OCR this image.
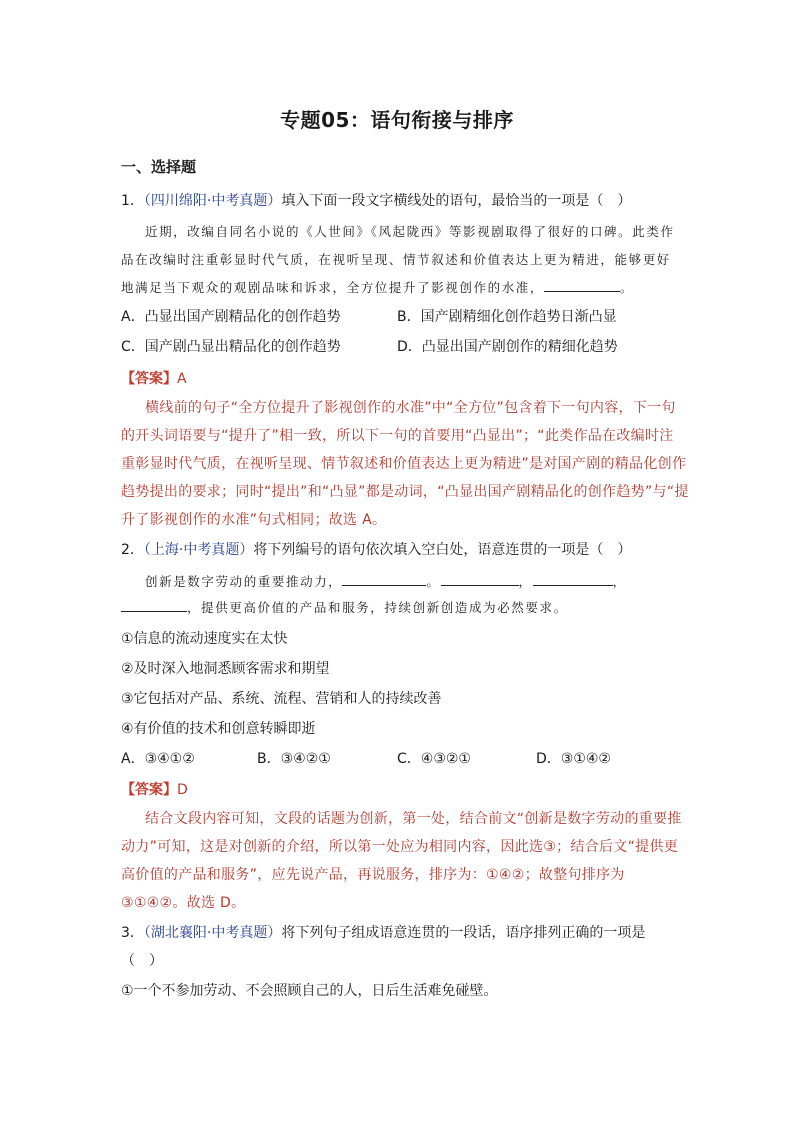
专题05：语句衔接与排序
一、选择题
1．（四川绵阳·中考真题）填入下面一段文字横线处的语句，最恰当的一项是（　）
近期，改编自同名小说的《人世间》《风起陇西》等影视剧取得了很好的口碑。此类作
品在改编时注重彰显时代气质，在视听呈现、情节叙述和价值表达上更为精进，能够更好
地满足当下观众的观剧品味和诉求，全方位提升了影视创作的水准，	。
A．凸显出国产剧精品化的创作趋势	B．国产剧精细化创作趋势日渐凸显
C．国产剧凸显出精品化的创作趋势	D．凸显出国产剧创作的精细化趋势
【答案】A
横线前的句子“全方位提升了影视创作的水准”中“全方位”包含着下一句内容，下一句
的开头词语要与“提升了”相一致，所以下一句的首要用“凸显出”；“此类作品在改编时注
重彰显时代气质，在视听呈现、情节叙述和价值表达上更为精进”是对国产剧的精品化创作
趋势提出的要求；同时“提出”和“凸显”都是动词，“凸显出国产剧精品化的创作趋势”与“提
升了影视创作的水准”句式相同；故选 A。
2．（上海·中考真题）将下列编号的语句依次填入空白处，语意连贯的一项是（　）
创新是数字劳动的重要推动力，	。	，	，
，提供更高价值的产品和服务，持续创新创造成为必然要求。
①信息的流动速度实在太快
②及时深入地洞悉顾客需求和期望
③它包括对产品、系统、流程、营销和人的持续改善
④有价值的技术和创意转瞬即逝
A．③④①②	B．③④②①	C．④③②①	D．③①④②
【答案】D
结合文段内容可知，文段的话题为创新，第一处，结合前文“创新是数字劳动的重要推
动力”可知，这是对创新的介绍，所以第一处应为相同内容，因此选③；结合后文“提供更
高价值的产品和服务”，应先说产品，再说服务，排序为：①④②；故整句排序为
③①④②。故选 D。
3．（湖北襄阳·中考真题）将下列句子组成语意连贯的一段话，语序排列正确的一项是
（　）
①一个不参加劳动、不会照顾自己的人，日后生活难免碰壁。
